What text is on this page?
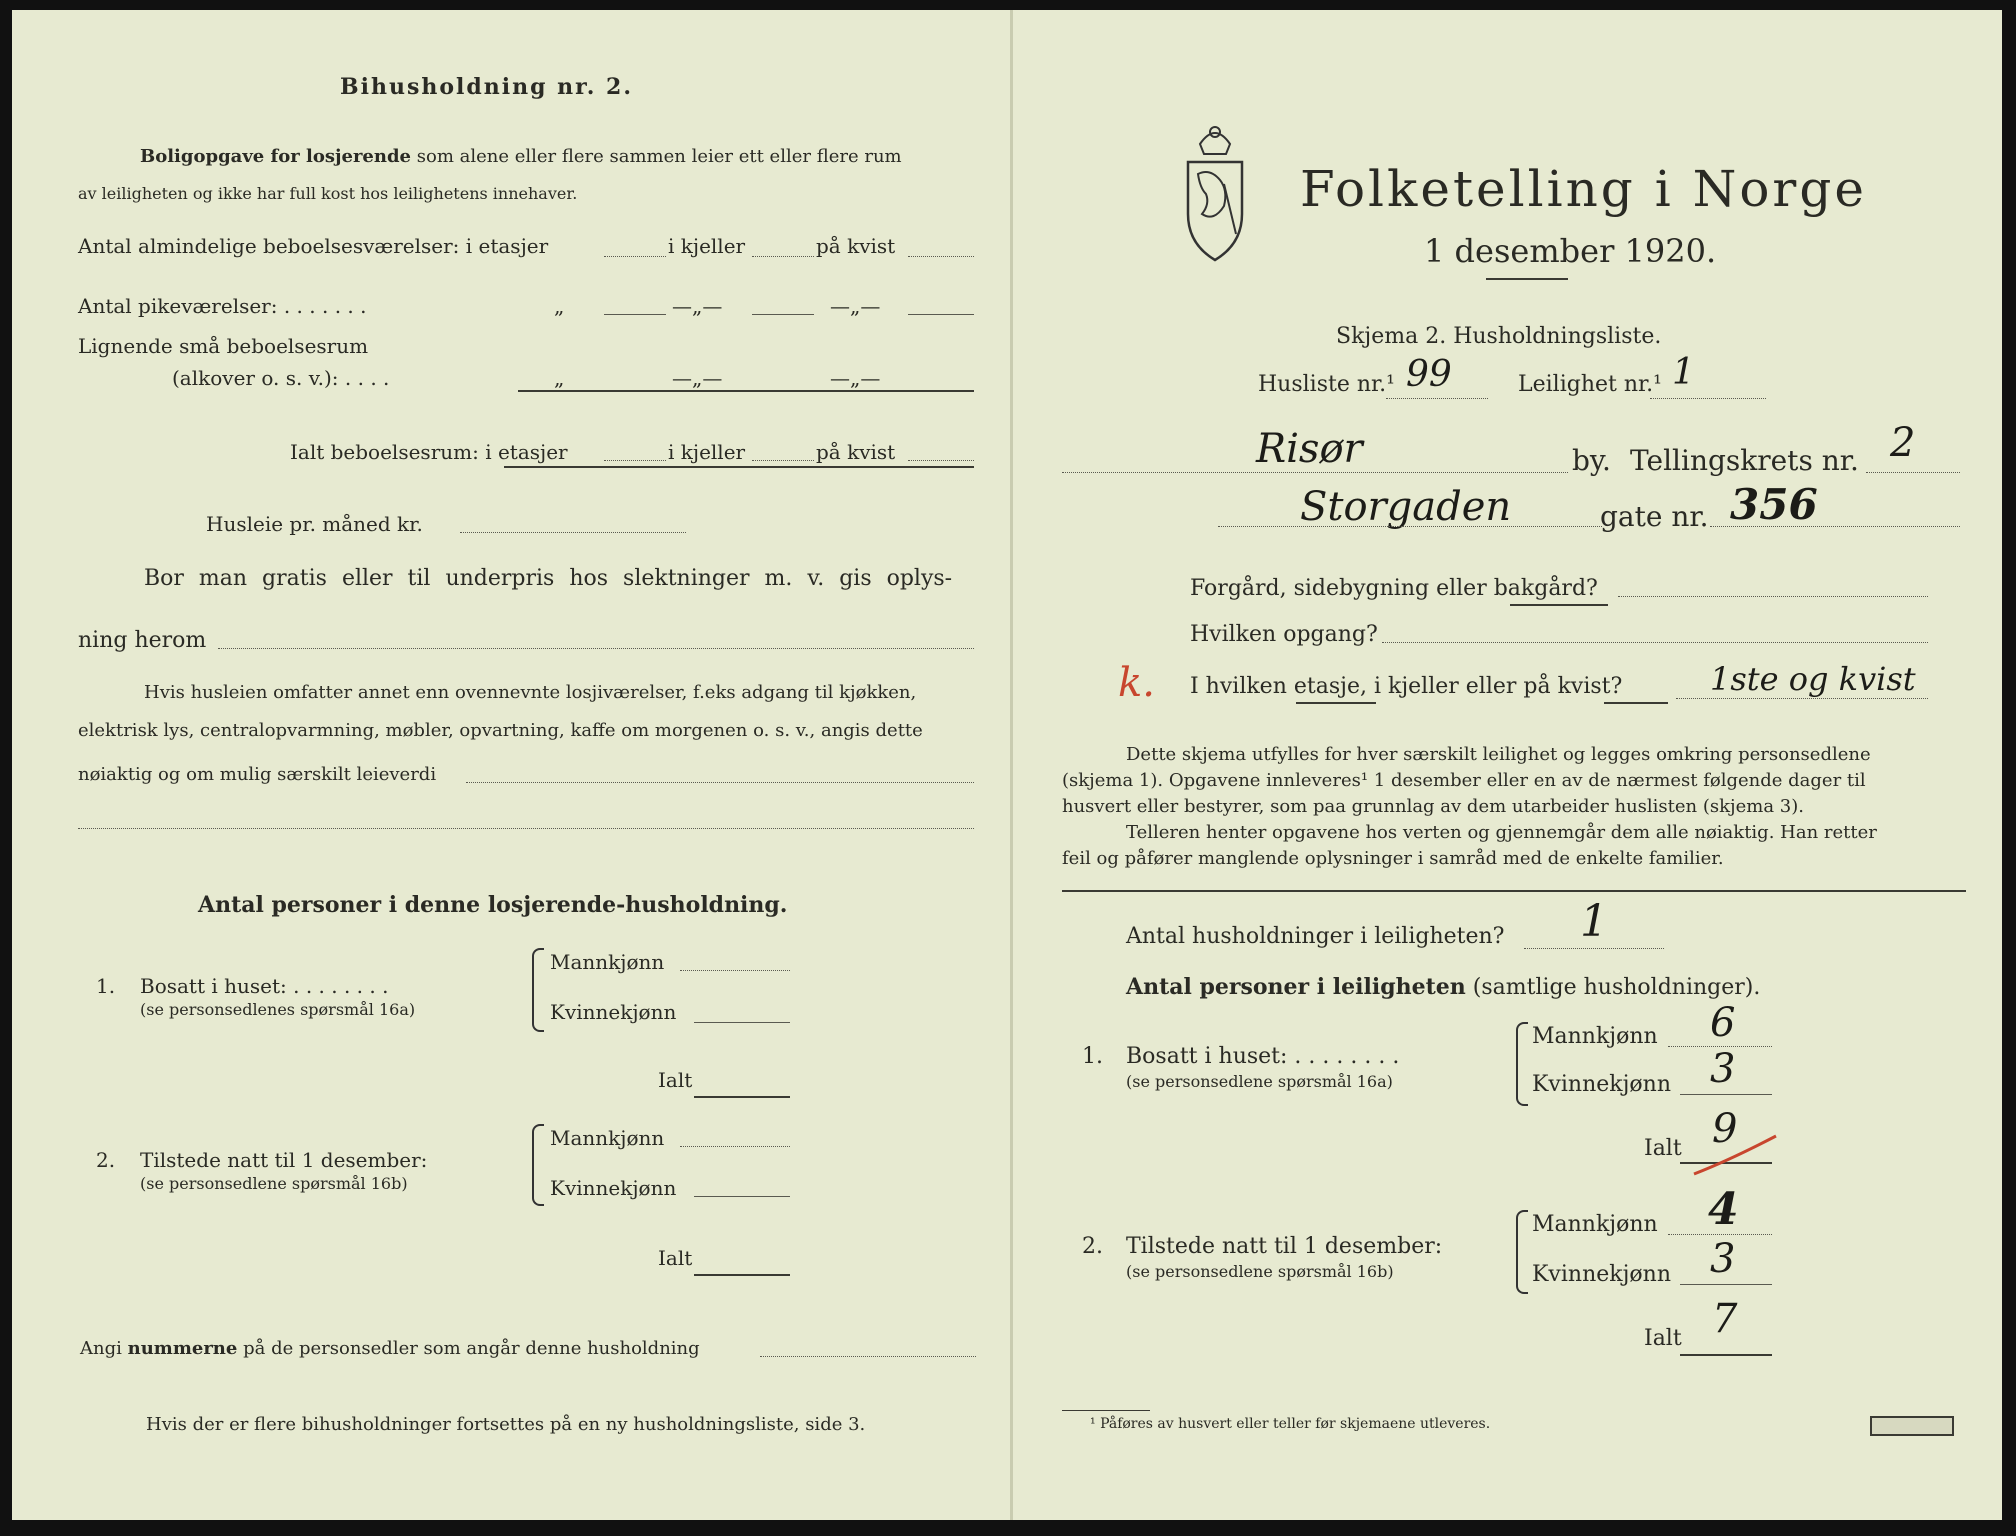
Bihusholdning nr. 2.
Boligopgave for losjerende som alene eller flere sammen leier ett eller flere rum
av leiligheten og ikke har full kost hos leilighetens innehaver.
Antal almindelige beboelsesværelser: i etasjer	i kjeller	på kvist
Antal pikeværelser: . . . . . . .	„	—„—	—„—
Lignende små beboelsesrum
(alkover o. s. v.): . . . .	„	—„—	—„—
Ialt beboelsesrum: i etasjer	i kjeller	på kvist
Husleie pr. måned kr.
Bor man gratis eller til underpris hos slektninger m. v. gis oplys-
ning herom
Hvis husleien omfatter annet enn ovennevnte losjiværelser, f.eks adgang til kjøkken,
elektrisk lys, centralopvarmning, møbler, opvartning, kaffe om morgenen o. s. v., angis dette
nøiaktig og om mulig særskilt leieverdi
Antal personer i denne losjerende-husholdning.
1. Bosatt i huset: . . . . . . . .
(se personsedlenes spørsmål 16a)
Mannkjønn
Kvinnekjønn
Ialt
2. Tilstede natt til 1 desember:
(se personsedlene spørsmål 16b)
Mannkjønn
Kvinnekjønn
Ialt
Angi nummerne på de personsedler som angår denne husholdning
Hvis der er flere bihusholdninger fortsettes på en ny husholdningsliste, side 3.
Folketelling i Norge
1 desember 1920.
Skjema 2. Husholdningsliste.
Husliste nr.¹ 99	Leilighet nr.¹ 1
Risør	by. Tellingskrets nr. 2
Storgaden	gate nr. 356
Forgård, sidebygning eller bakgård?
Hvilken opgang?
k. I hvilken etasje, i kjeller eller på kvist?	1ste og kvist
Dette skjema utfylles for hver særskilt leilighet og legges omkring personsedlene
(skjema 1). Opgavene innleveres¹ 1 desember eller en av de nærmest følgende dager til
husvert eller bestyrer, som paa grunnlag av dem utarbeider huslisten (skjema 3).
Telleren henter opgavene hos verten og gjennemgår dem alle nøiaktig. Han retter
feil og påfører manglende oplysninger i samråd med de enkelte familier.
Antal husholdninger i leiligheten? 1
Antal personer i leiligheten (samtlige husholdninger).
1. Bosatt i huset: . . . . . . . .
(se personsedlene spørsmål 16a)
Mannkjønn 6
Kvinnekjønn 3
Ialt 9
2. Tilstede natt til 1 desember:
(se personsedlene spørsmål 16b)
Mannkjønn 4
Kvinnekjønn 3
Ialt 7
¹ Påføres av husvert eller teller før skjemaene utleveres.
